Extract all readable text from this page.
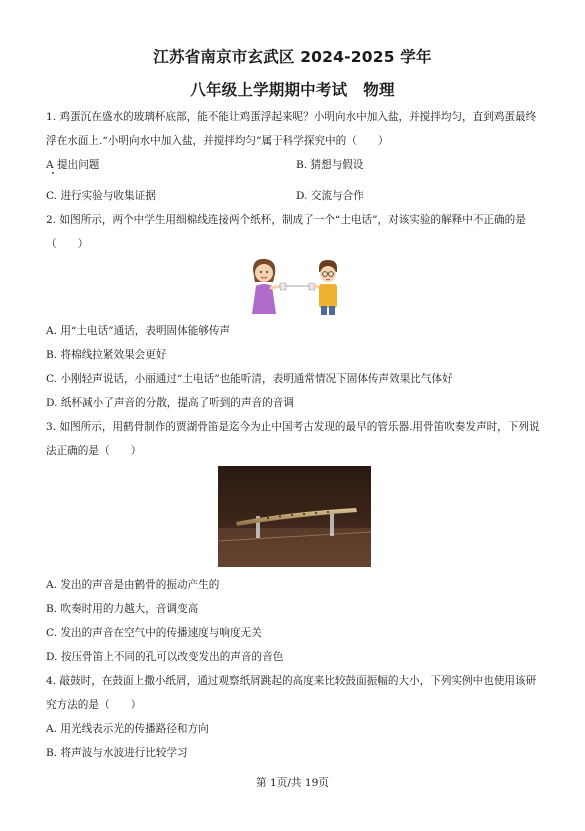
江苏省南京市玄武区 2024-2025 学年
八年级上学期期中考试 物理
1. 鸡蛋沉在盛水的玻璃杯底部，能不能让鸡蛋浮起来呢？小明向水中加入盐，并搅拌均匀，直到鸡蛋最终
浮在水面上.“小明向水中加入盐，并搅拌均匀”属于科学探究中的（　　）
A 提出问题	B. 猜想与假设
C. 进行实验与收集证据	D. 交流与合作
2. 如图所示，两个中学生用细棉线连接两个纸杯，制成了一个“土电话”，对该实验的解释中不正确的是
（　　）
A. 用“土电话”通话，表明固体能够传声
B. 将棉线拉紧效果会更好
C. 小刚轻声说话，小丽通过“土电话”也能听清，表明通常情况下固体传声效果比气体好
D. 纸杯减小了声音的分散，提高了听到的声音的音调
3. 如图所示，用鹤骨制作的贾湖骨笛是迄今为止中国考古发现的最早的管乐器.用骨笛吹奏发声时，下列说
法正确的是（　　）
A. 发出的声音是由鹤骨的振动产生的
B. 吹奏时用的力越大，音调变高
C. 发出的声音在空气中的传播速度与响度无关
D. 按压骨笛上不同的孔可以改变发出的声音的音色
4. 敲鼓时，在鼓面上撒小纸屑，通过观察纸屑跳起的高度来比较鼓面振幅的大小，下列实例中也使用该研
究方法的是（　　）
A. 用光线表示光的传播路径和方向
B. 将声波与水波进行比较学习
第 1页/共 19页
